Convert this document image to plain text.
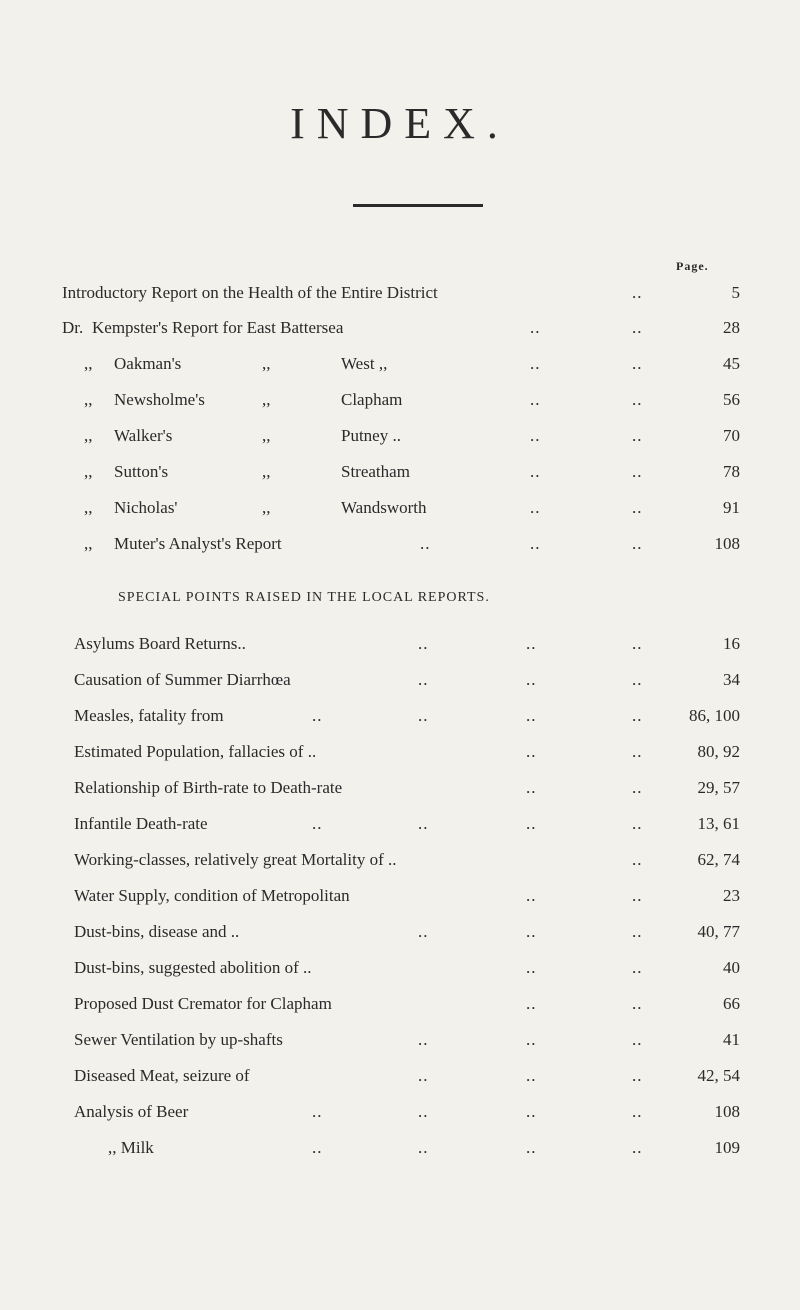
INDEX.
Page.
Introductory Report on the Health of the Entire District	..	5
Dr. Kempster's Report for East Battersea	..	..	28
,, Oakman's	,,	West ,,	..	..	45
,, Newsholme's	,,	Clapham	..	..	56
,, Walker's	,,	Putney ..	..	..	70
,, Sutton's	,,	Streatham	..	..	78
,, Nicholas'	,,	Wandsworth	..	..	91
,, Muter's Analyst's Report	..	..	..	108
SPECIAL POINTS RAISED IN THE LOCAL REPORTS.
Asylums Board Returns..	..	..	..	16
Causation of Summer Diarrhœa	..	..	..	34
Measles, fatality from	..	..	..	..	86, 100
Estimated Population, fallacies of ..	..	..	80, 92
Relationship of Birth-rate to Death-rate	..	..	29, 57
Infantile Death-rate	..	..	..	..	13, 61
Working-classes, relatively great Mortality of ..	..	62, 74
Water Supply, condition of Metropolitan	..	..	23
Dust-bins, disease and ..	..	..	..	40, 77
Dust-bins, suggested abolition of ..	..	..	40
Proposed Dust Cremator for Clapham	..	..	66
Sewer Ventilation by up-shafts	..	..	..	41
Diseased Meat, seizure of	..	..	..	42, 54
Analysis of Beer	..	..	..	..	108
,, Milk	..	..	..	..	109
